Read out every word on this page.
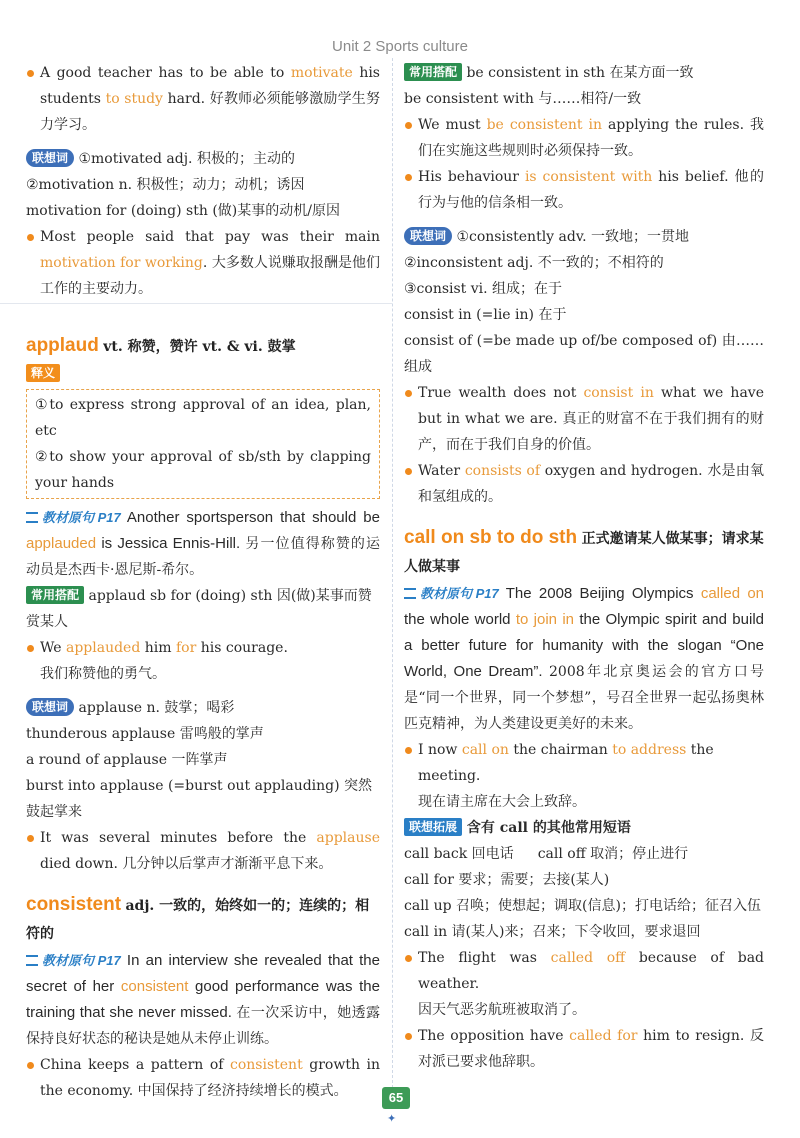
Unit 2 Sports culture

A good teacher has to be able to motivate his students to study hard. 好教师必须能够激励学生努力学习。

联想词 ①motivated adj. 积极的；主动的

②motivation n. 积极性；动力；动机；诱因

motivation for (doing) sth (做)某事的动机/原因

Most people said that pay was their main motivation for working. 大多数人说赚取报酬是他们工作的主要动力。

applaud vt. 称赞，赞许 vt. & vi. 鼓掌

释义

①to express strong approval of an idea, plan, etc

②to show your approval of sb/sth by clapping your hands

教材原句 P17 Another sportsperson that should be applauded is Jessica Ennis-Hill. 另一位值得称赞的运动员是杰西卡·恩尼斯-希尔。

常用搭配 applaud sb for (doing) sth 因(做)某事而赞赏某人

We applauded him for his courage.

我们称赞他的勇气。

联想词 applause n. 鼓掌；喝彩

thunderous applause 雷鸣般的掌声

a round of applause 一阵掌声

burst into applause (=burst out applauding) 突然鼓起掌来

It was several minutes before the applause died down. 几分钟以后掌声才渐渐平息下来。

consistent adj. 一致的，始终如一的；连续的；相符的

教材原句 P17 In an interview she revealed that the secret of her consistent good performance was the training that she never missed. 在一次采访中，她透露保持良好状态的秘诀是她从未停止训练。

China keeps a pattern of consistent growth in the economy. 中国保持了经济持续增长的模式。

常用搭配 be consistent in sth 在某方面一致

be consistent with 与……相符/一致

We must be consistent in applying the rules. 我们在实施这些规则时必须保持一致。

His behaviour is consistent with his belief. 他的行为与他的信条相一致。

联想词 ①consistently adv. 一致地；一贯地

②inconsistent adj. 不一致的；不相符的

③consist vi. 组成；在于

consist in (=lie in) 在于

consist of (=be made up of/be composed of) 由……组成

True wealth does not consist in what we have but in what we are. 真正的财富不在于我们拥有的财产，而在于我们自身的价值。

Water consists of oxygen and hydrogen. 水是由氧和氢组成的。

call on sb to do sth 正式邀请某人做某事；请求某人做某事

教材原句 P17 The 2008 Beijing Olympics called on the whole world to join in the Olympic spirit and build a better future for humanity with the slogan “One World, One Dream”. 2008年北京奥运会的官方口号是“同一个世界，同一个梦想”，号召全世界一起弘扬奥林匹克精神，为人类建设更美好的未来。

I now call on the chairman to address the meeting.

现在请主席在大会上致辞。

联想拓展 含有 call 的其他常用短语

call back 回电话 call off 取消；停止进行

call for 要求；需要；去接(某人)

call up 召唤；使想起；调取(信息)；打电话给；征召入伍

call in 请(某人)来；召来；下令收回，要求退回

The flight was called off because of bad weather.

因天气恶劣航班被取消了。

The opposition have called for him to resign. 反对派已要求他辞职。

65
✦
